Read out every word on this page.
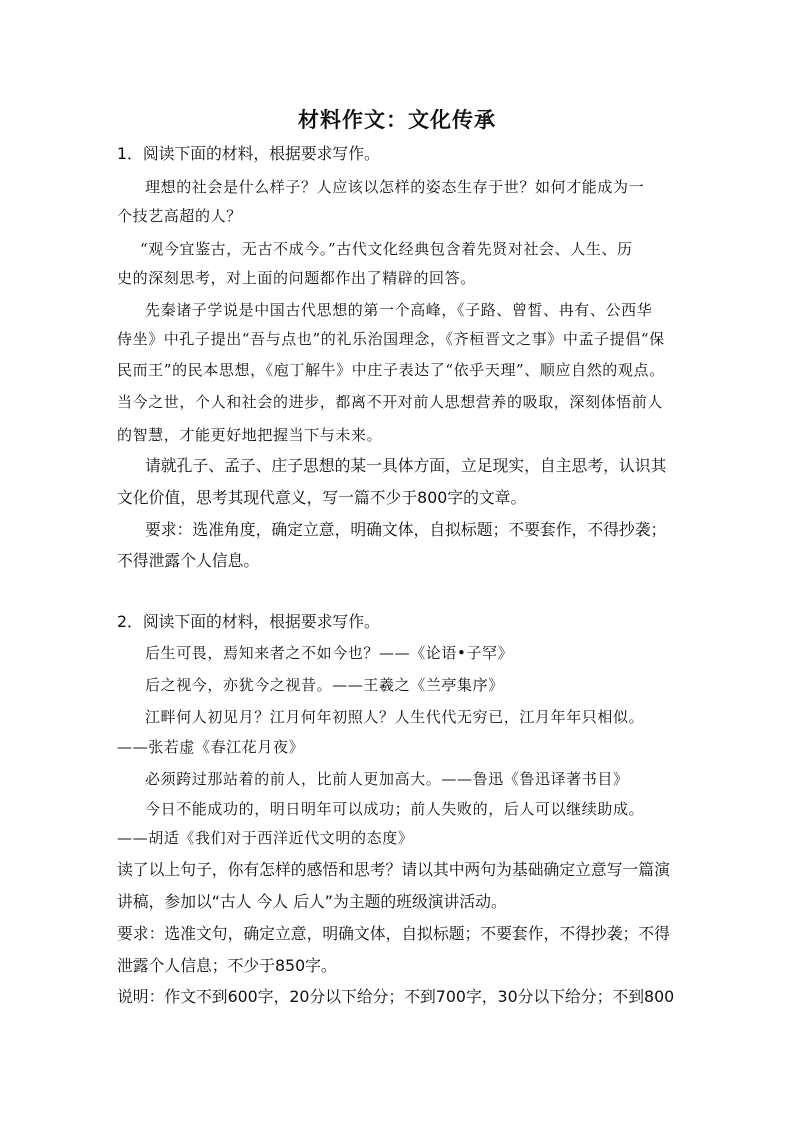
材料作文：文化传承
1．阅读下面的材料，根据要求写作。
理想的社会是什么样子？人应该以怎样的姿态生存于世？如何才能成为一
个技艺高超的人？
“观今宜鉴古，无古不成今。”古代文化经典包含着先贤对社会、人生、历
史的深刻思考，对上面的问题都作出了精辟的回答。
先秦诸子学说是中国古代思想的第一个高峰，《子路、曾皙、冉有、公西华
侍坐》中孔子提出“吾与点也”的礼乐治国理念，《齐桓晋文之事》中孟子提倡“保
民而王”的民本思想，《庖丁解牛》中庄子表达了“依乎天理”、顺应自然的观点。
当今之世，个人和社会的进步，都离不开对前人思想营养的吸取，深刻体悟前人
的智慧，才能更好地把握当下与未来。
请就孔子、孟子、庄子思想的某一具体方面，立足现实，自主思考，认识其
文化价值，思考其现代意义，写一篇不少于800字的文章。
要求：选准角度，确定立意，明确文体，自拟标题；不要套作，不得抄袭；
不得泄露个人信息。
2．阅读下面的材料，根据要求写作。
后生可畏，焉知来者之不如今也？——《论语•子罕》
后之视今，亦犹今之视昔。——王羲之《兰亭集序》
江畔何人初见月？江月何年初照人？人生代代无穷已，江月年年只相似。
——张若虚《春江花月夜》
必须跨过那站着的前人，比前人更加高大。——鲁迅《鲁迅译著书目》
今日不能成功的，明日明年可以成功；前人失败的，后人可以继续助成。
——胡适《我们对于西洋近代文明的态度》
读了以上句子，你有怎样的感悟和思考？请以其中两句为基础确定立意写一篇演
讲稿，参加以“古人 今人 后人”为主题的班级演讲活动。
要求：选准文句，确定立意，明确文体，自拟标题；不要套作，不得抄袭；不得
泄露个人信息；不少于850字。
说明：作文不到600字，20分以下给分；不到700字，30分以下给分；不到800
